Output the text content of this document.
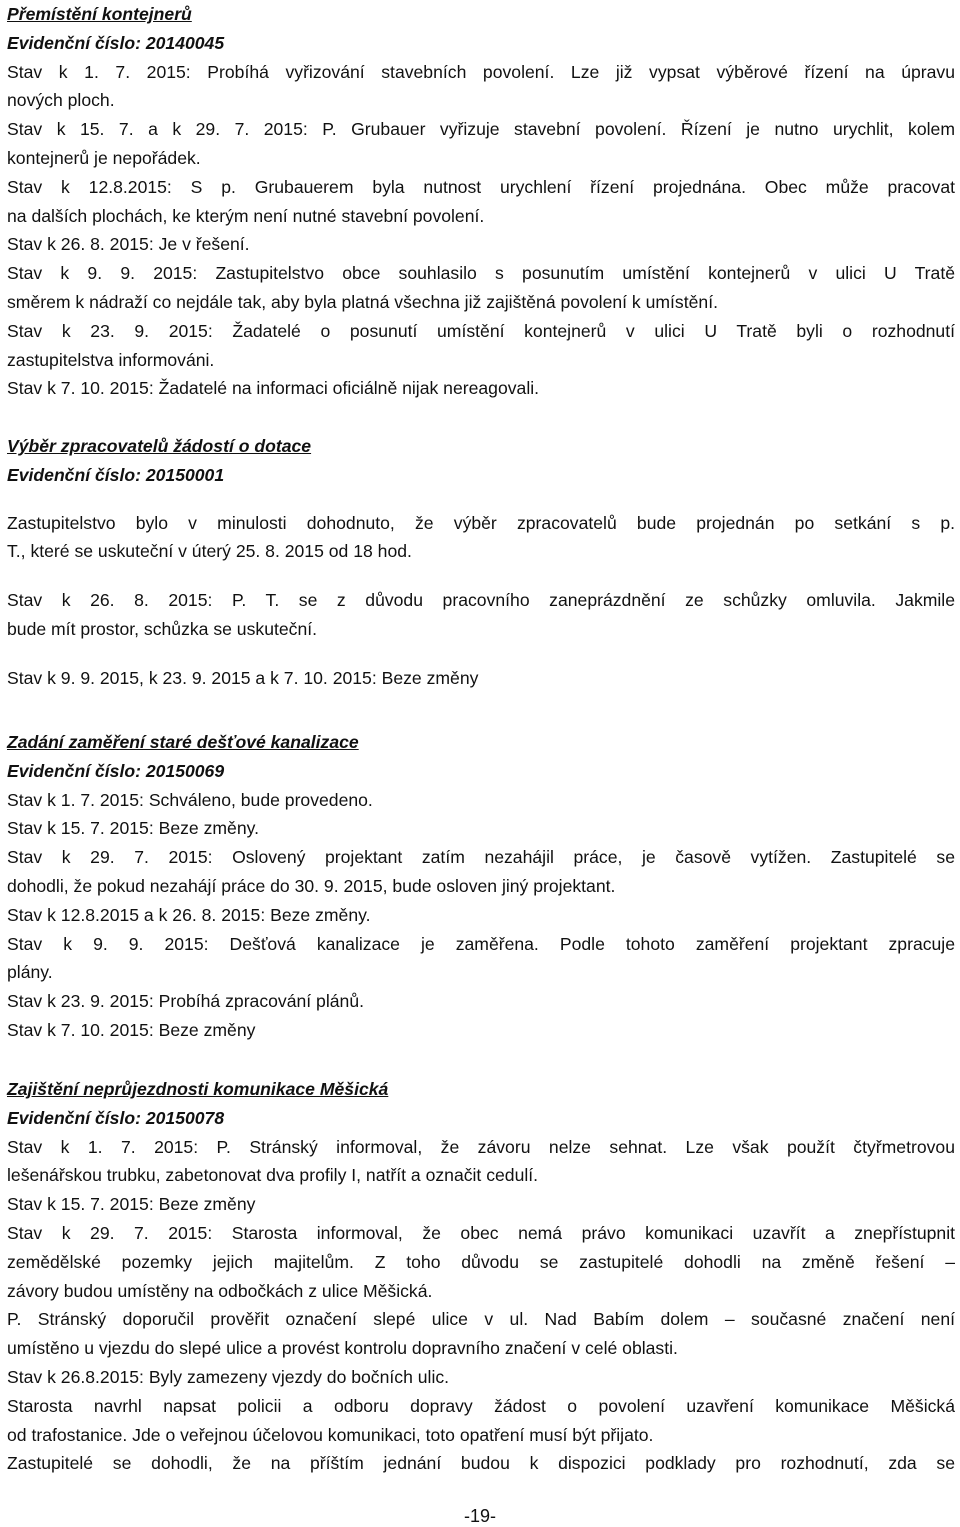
Přemístění kontejnerů
Evidenční číslo: 20140045
Stav k 1. 7. 2015: Probíhá vyřizování stavebních povolení. Lze již vypsat výběrové řízení na úpravu
nových ploch.
Stav k 15. 7. a k 29. 7. 2015: P. Grubauer vyřizuje stavební povolení. Řízení je nutno urychlit, kolem
kontejnerů je nepořádek.
Stav k 12.8.2015: S p. Grubauerem byla nutnost urychlení řízení projednána. Obec může pracovat
na dalších plochách, ke kterým není nutné stavební povolení.
Stav k 26. 8. 2015: Je v řešení.
Stav k 9. 9. 2015: Zastupitelstvo obce souhlasilo s posunutím umístění kontejnerů v ulici U Tratě
směrem k nádraží co nejdále tak, aby byla platná všechna již zajištěná povolení k umístění.
Stav k 23. 9. 2015: Žadatelé o posunutí umístění kontejnerů v ulici U Tratě byli o rozhodnutí
zastupitelstva informováni.
Stav k 7. 10. 2015: Žadatelé na informaci oficiálně nijak nereagovali.
Výběr zpracovatelů žádostí o dotace
Evidenční číslo: 20150001
Zastupitelstvo bylo v minulosti dohodnuto, že výběr zpracovatelů bude projednán po setkání s p.
T., které se uskuteční v úterý 25. 8. 2015 od 18 hod.
Stav k 26. 8. 2015: P. T. se z důvodu pracovního zaneprázdnění ze schůzky omluvila. Jakmile
bude mít prostor, schůzka se uskuteční.
Stav k 9. 9. 2015, k 23. 9. 2015 a k 7. 10. 2015: Beze změny
Zadání zaměření staré dešťové kanalizace
Evidenční číslo: 20150069
Stav k 1. 7. 2015: Schváleno, bude provedeno.
Stav k 15. 7. 2015: Beze změny.
Stav k 29. 7. 2015: Oslovený projektant zatím nezahájil práce, je časově vytížen. Zastupitelé se
dohodli, že pokud nezahájí práce do 30. 9. 2015, bude osloven jiný projektant.
Stav k 12.8.2015 a k 26. 8. 2015: Beze změny.
Stav k 9. 9. 2015: Dešťová kanalizace je zaměřena. Podle tohoto zaměření projektant zpracuje
plány.
Stav k 23. 9. 2015: Probíhá zpracování plánů.
Stav k 7. 10. 2015: Beze změny
Zajištění neprůjezdnosti komunikace Měšická
Evidenční číslo: 20150078
Stav k 1. 7. 2015: P. Stránský informoval, že závoru nelze sehnat. Lze však použít čtyřmetrovou
lešenářskou trubku, zabetonovat dva profily I, natřít a označit cedulí.
Stav k 15. 7. 2015: Beze změny
Stav k 29. 7. 2015: Starosta informoval, že obec nemá právo komunikaci uzavřít a znepřístupnit
zemědělské pozemky jejich majitelům. Z toho důvodu se zastupitelé dohodli na změně řešení –
závory budou umístěny na odbočkách z ulice Měšická.
P. Stránský doporučil prověřit označení slepé ulice v ul. Nad Babím dolem – současné značení není
umístěno u vjezdu do slepé ulice a provést kontrolu dopravního značení v celé oblasti.
Stav k 26.8.2015: Byly zamezeny vjezdy do bočních ulic.
Starosta navrhl napsat policii a odboru dopravy žádost o povolení uzavření komunikace Měšická
od trafostanice. Jde o veřejnou účelovou komunikaci, toto opatření musí být přijato.
Zastupitelé se dohodli, že na příštím jednání budou k dispozici podklady pro rozhodnutí, zda se
-19-
